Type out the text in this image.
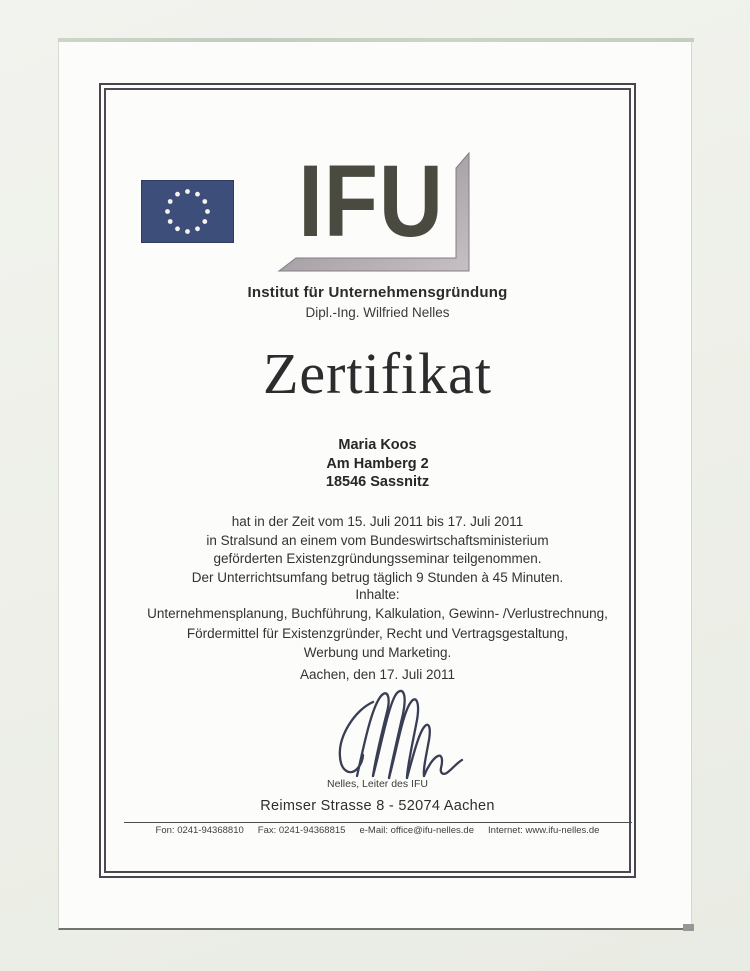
IFU
Institut für Unternehmensgründung
Dipl.-Ing. Wilfried Nelles
Zertifikat
Maria Koos
Am Hamberg 2
18546 Sassnitz
hat in der Zeit vom 15. Juli 2011 bis 17. Juli 2011
in Stralsund an einem vom Bundeswirtschaftsministerium
geförderten Existenzgründungsseminar teilgenommen.
Der Unterrichtsumfang betrug täglich 9 Stunden à 45 Minuten.
Inhalte:
Unternehmensplanung, Buchführung, Kalkulation, Gewinn- /Verlustrechnung,
Fördermittel für Existenzgründer, Recht und Vertragsgestaltung,
Werbung und Marketing.
Aachen, den 17. Juli 2011
Nelles, Leiter des IFU
Reimser Strasse 8 - 52074 Aachen
Fon: 0241-94368810 Fax: 0241-94368815 e-Mail: office@ifu-nelles.de Internet: www.ifu-nelles.de
